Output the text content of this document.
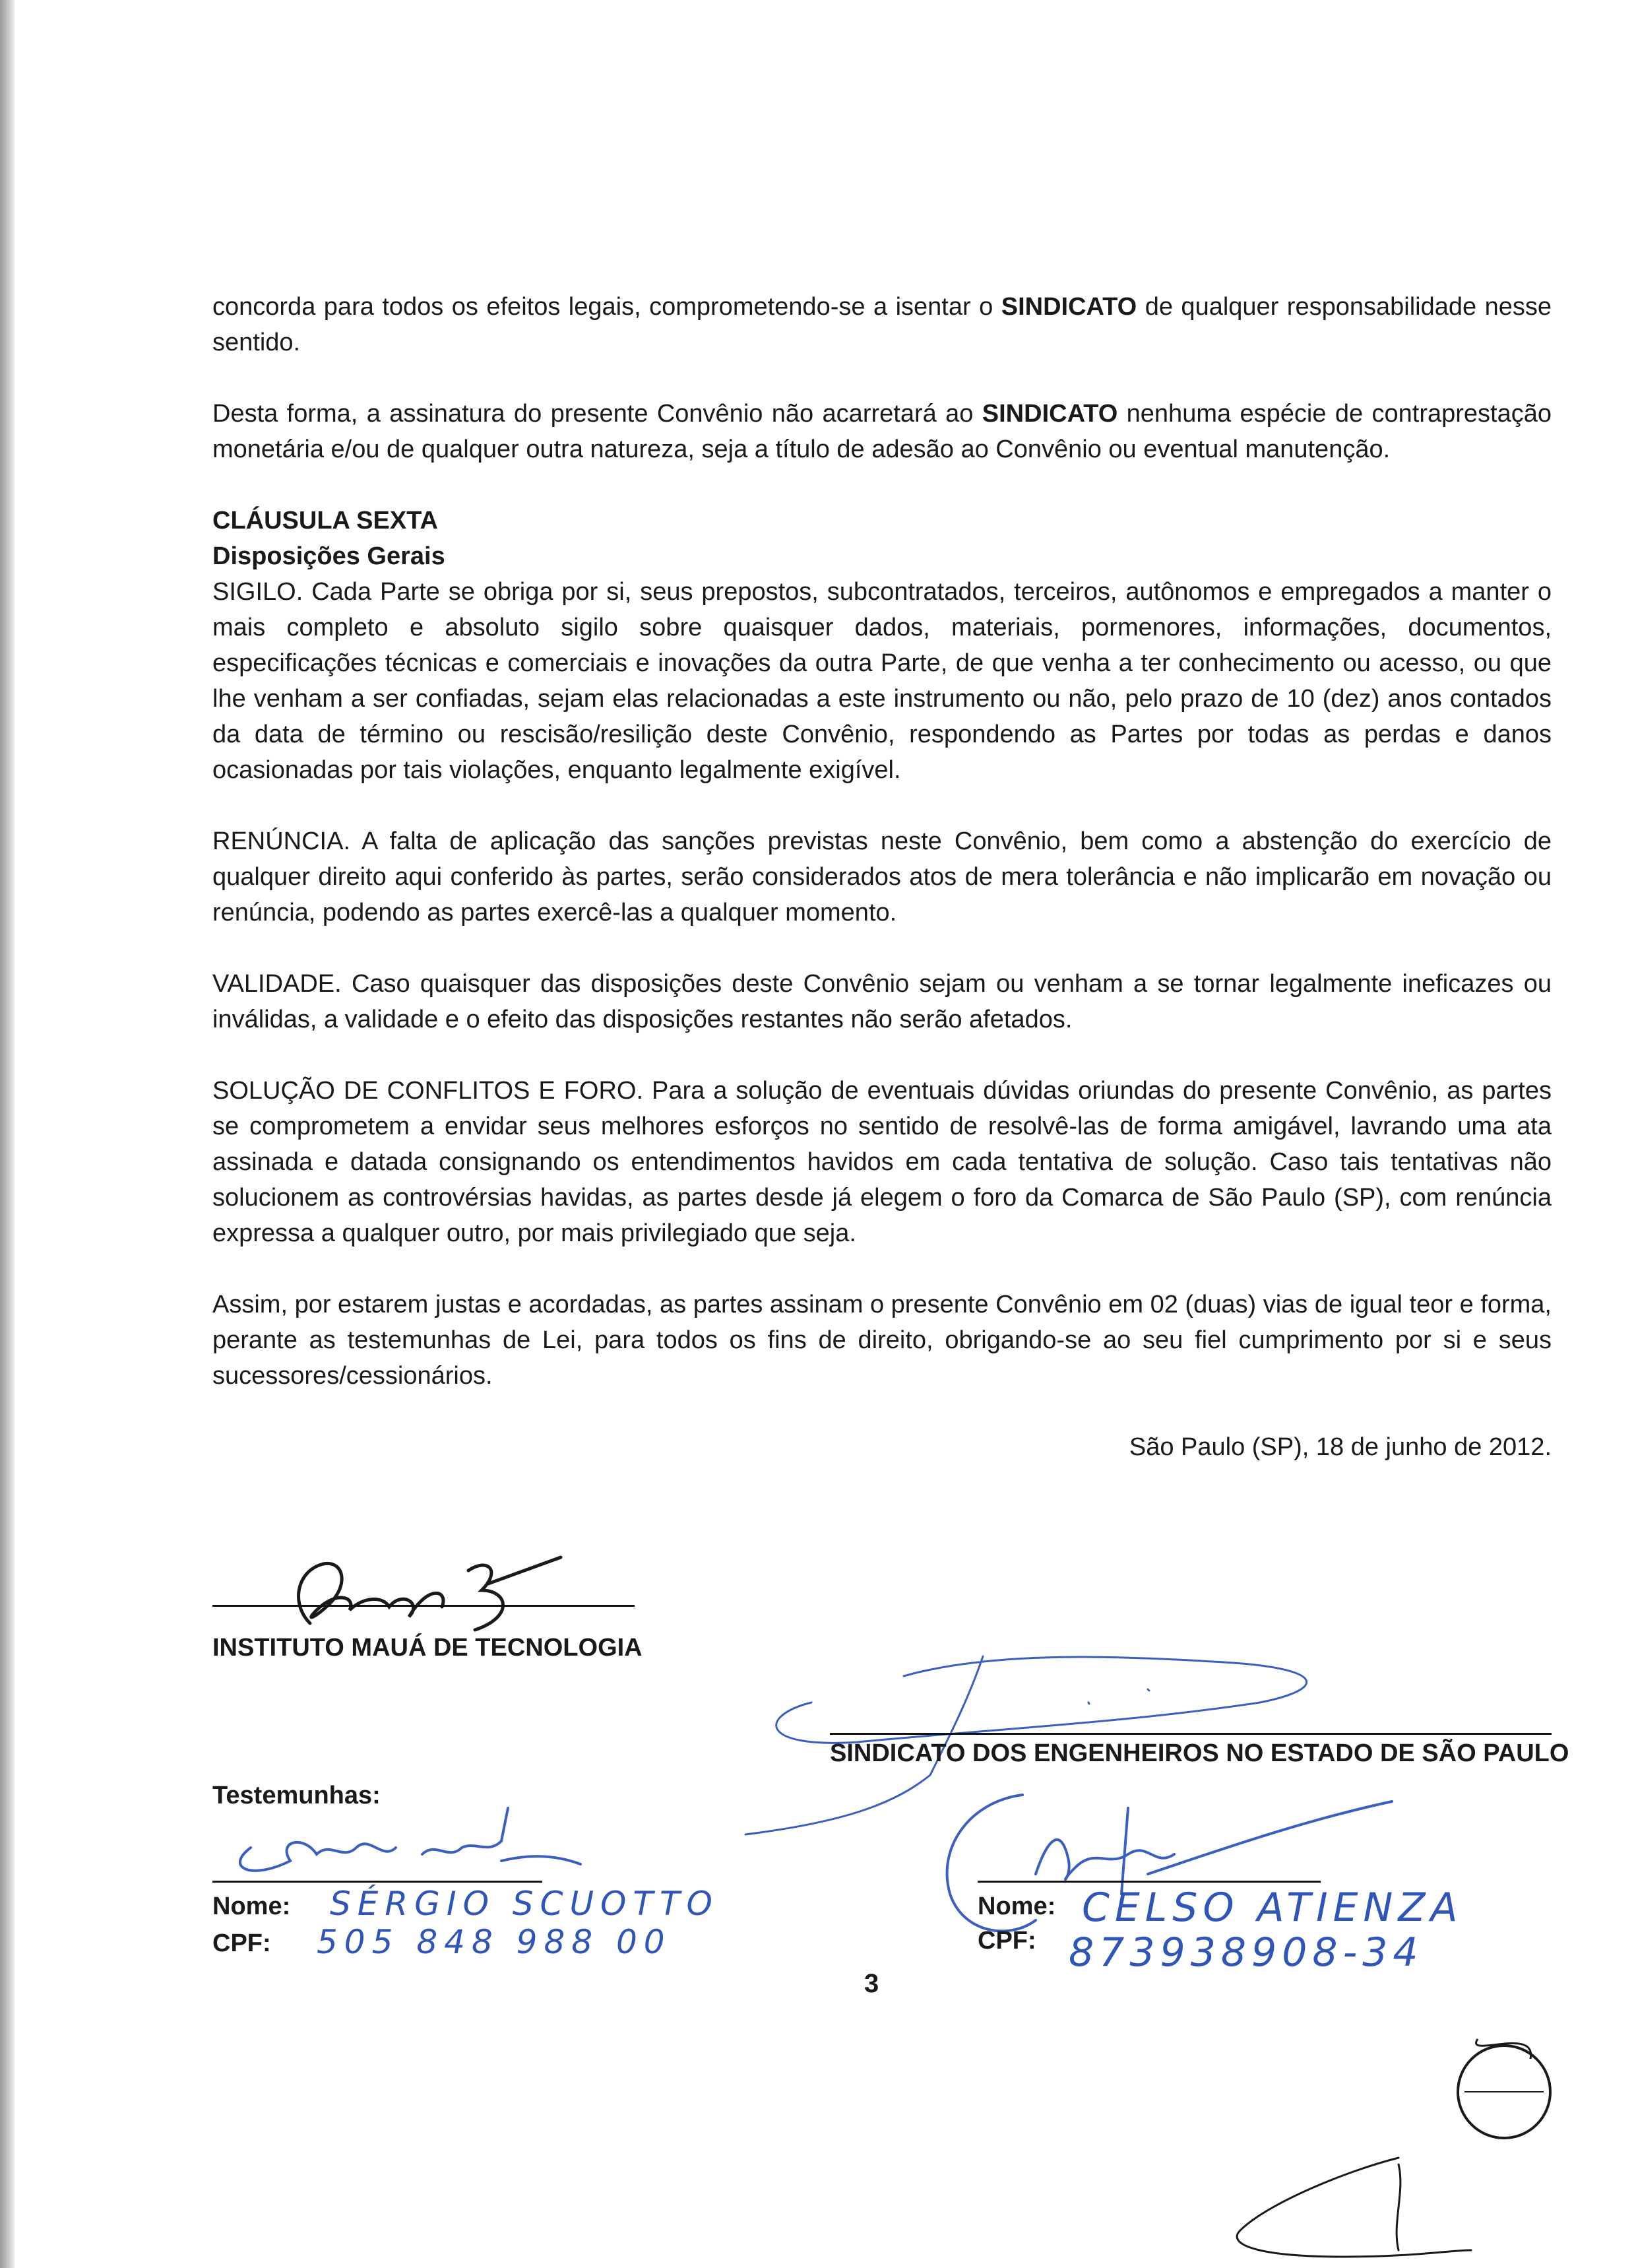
concorda para todos os efeitos legais, comprometendo-se a isentar o SINDICATO de qualquer responsabilidade nesse sentido.

Desta forma, a assinatura do presente Convênio não acarretará ao SINDICATO nenhuma espécie de contraprestação monetária e/ou de qualquer outra natureza, seja a título de adesão ao Convênio ou eventual manutenção.

CLÁUSULA SEXTA
Disposições Gerais

SIGILO. Cada Parte se obriga por si, seus prepostos, subcontratados, terceiros, autônomos e empregados a manter o mais completo e absoluto sigilo sobre quaisquer dados, materiais, pormenores, informações, documentos, especificações técnicas e comerciais e inovações da outra Parte, de que venha a ter conhecimento ou acesso, ou que lhe venham a ser confiadas, sejam elas relacionadas a este instrumento ou não, pelo prazo de 10 (dez) anos contados da data de término ou rescisão/resilição deste Convênio, respondendo as Partes por todas as perdas e danos ocasionadas por tais violações, enquanto legalmente exigível.

RENÚNCIA. A falta de aplicação das sanções previstas neste Convênio, bem como a abstenção do exercício de qualquer direito aqui conferido às partes, serão considerados atos de mera tolerância e não implicarão em novação ou renúncia, podendo as partes exercê-las a qualquer momento.

VALIDADE. Caso quaisquer das disposições deste Convênio sejam ou venham a se tornar legalmente ineficazes ou inválidas, a validade e o efeito das disposições restantes não serão afetados.

SOLUÇÃO DE CONFLITOS E FORO. Para a solução de eventuais dúvidas oriundas do presente Convênio, as partes se comprometem a envidar seus melhores esforços no sentido de resolvê-las de forma amigável, lavrando uma ata assinada e datada consignando os entendimentos havidos em cada tentativa de solução. Caso tais tentativas não solucionem as controvérsias havidas, as partes desde já elegem o foro da Comarca de São Paulo (SP), com renúncia expressa a qualquer outro, por mais privilegiado que seja.

Assim, por estarem justas e acordadas, as partes assinam o presente Convênio em 02 (duas) vias de igual teor e forma, perante as testemunhas de Lei, para todos os fins de direito, obrigando-se ao seu fiel cumprimento por si e seus sucessores/cessionários.

São Paulo (SP), 18 de junho de 2012.
INSTITUTO MAUÁ DE TECNOLOGIA
SINDICATO DOS ENGENHEIROS NO ESTADO DE SÃO PAULO
Testemunhas:
Nome: SÉRGIO SCUOTTO
CPF: 505 848 988 00
Nome: CELSO ATIENZA
CPF: 873938908-34
3
